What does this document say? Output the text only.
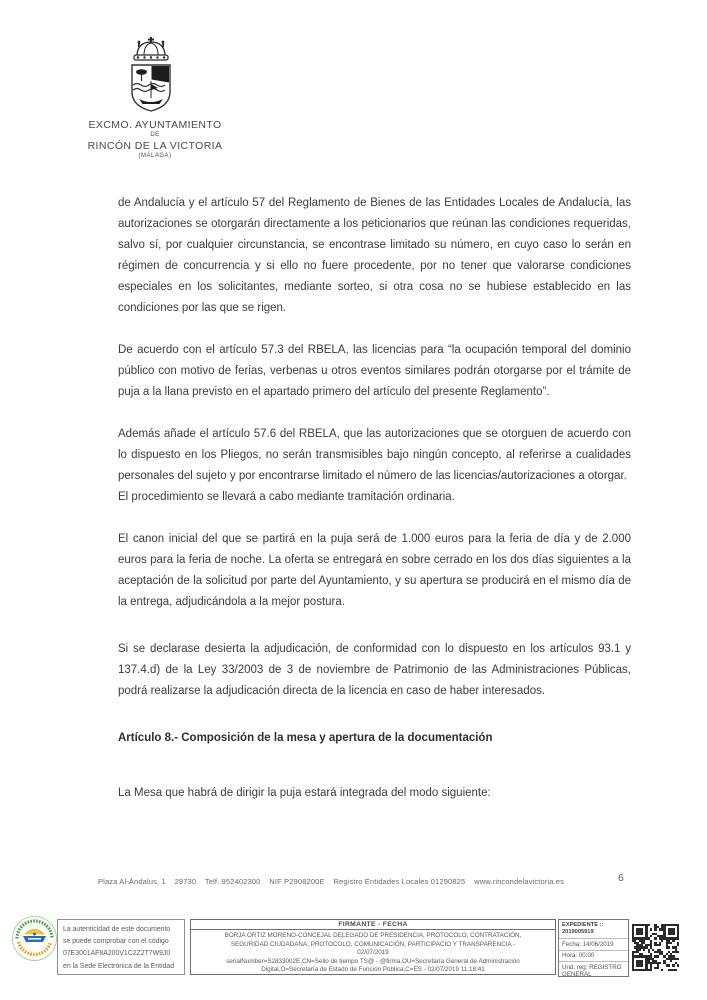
EXCMO. AYUNTAMIENTO
DE
RINCÓN DE LA VICTORIA
(MÁLAGA)

de Andalucía y el artículo 57 del Reglamento de Bienes de las Entidades Locales de Andalucía, las autorizaciones se otorgarán directamente a los peticionarios que reúnan las condiciones requeridas, salvo sí, por cualquier circunstancia, se encontrase limitado su número, en cuyo caso lo serán en régimen de concurrencia y si ello no fuere procedente, por no tener que valorarse condiciones especiales en los solicitantes, mediante sorteo, si otra cosa no se hubiese establecido en las condiciones por las que se rigen.

De acuerdo con el artículo 57.3 del RBELA, las licencias para “la ocupación temporal del dominio público con motivo de ferias, verbenas u otros eventos similares podrán otorgarse por el trámite de puja a la llana previsto en el apartado primero del artículo del presente Reglamento”.

Además añade el artículo 57.6 del RBELA, que las autorizaciones que se otorguen de acuerdo con lo dispuesto en los Pliegos, no serán transmisibles bajo ningún concepto, al referirse a cualidades personales del sujeto y por encontrarse limitado el número de las licencias/autorizaciones a otorgar.

El procedimiento se llevará a cabo mediante tramitación ordinaria.

El canon inicial del que se partirá en la puja será de 1.000 euros para la feria de día y de 2.000 euros para la feria de noche. La oferta se entregará en sobre cerrado en los dos días siguientes a la aceptación de la solicitud por parte del Ayuntamiento, y su apertura se producirá en el mismo día de la entrega, adjudicándola a la mejor postura.

Si se declarase desierta la adjudicación, de conformidad con lo dispuesto en los artículos 93.1 y 137.4.d) de la Ley 33/2003 de 3 de noviembre de Patrimonio de las Administraciones Públicas, podrá realizarse la adjudicación directa de la licencia en caso de haber interesados.

Artículo 8.- Composición de la mesa y apertura de la documentación

La Mesa que habrá de dirigir la puja estará integrada del modo siguiente:

Plaza Al-Ándalus, 1    29730    Telf. 952402300    NIF P2908200E    Registro Entidades Locales 01290825    www.rincondelavictoria.es	6
La autenticidad de este documento
se puede comprobar con el código
07E3001AF8A200V1C2Z2T7W9J0
en la Sede Electrónica de la Entidad
FIRMANTE - FECHA
BORJA ORTIZ MORENO-CONCEJAL DELEGADO DE PRESIDENCIA, PROTOCOLO, CONTRATACIÓN,
SEGURIDAD CIUDADANA, PROTOCOLO, COMUNICACIÓN, PARTICIPACIO Y TRANSPARENCIA -
02/07/2019
serialNumber=S2833002E,CN=Sello de tiempo TS@ - @firma,OU=Secretaría General de Administración
Digital,O=Secretaría de Estado de Función Pública,C=ES - 02/07/2019 11:18:41
EXPEDIENTE :: 2019005919
Fecha: 14/06/2019
Hora: 00:00
Und. reg: REGISTRO GENERAL
